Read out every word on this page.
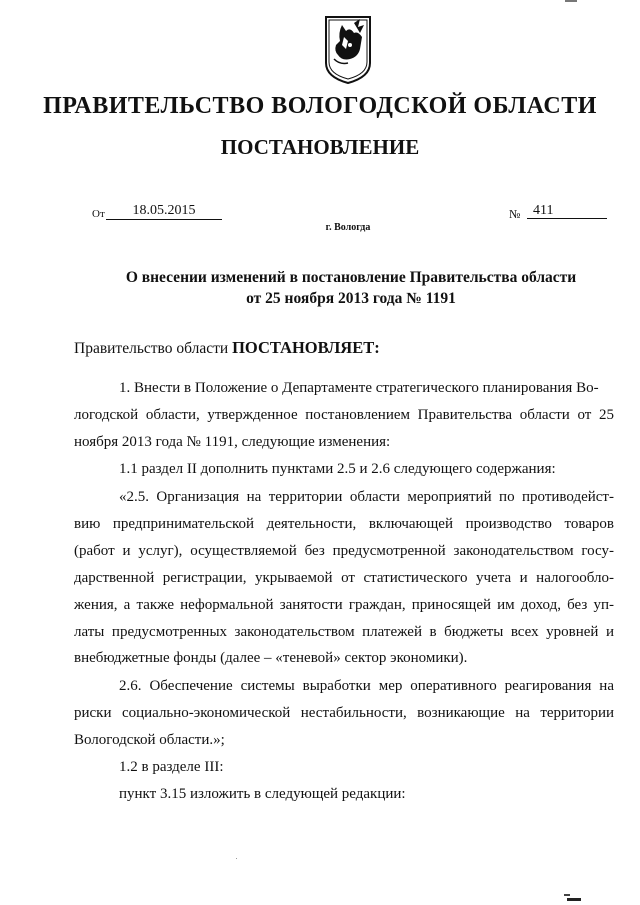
ПРАВИТЕЛЬСТВО ВОЛОГОДСКОЙ ОБЛАСТИ
ПОСТАНОВЛЕНИЕ
От	18.05.2015	№ 411
г. Вологда
О внесении изменений в постановление Правительства области
от 25 ноября 2013 года № 1191
Правительство области ПОСТАНОВЛЯЕТ:
1. Внести в Положение о Департаменте стратегического планирования Во-
логодской области, утвержденное постановлением Правительства области от 25
ноября 2013 года № 1191, следующие изменения:
1.1 раздел II дополнить пунктами 2.5 и 2.6 следующего содержания:
«2.5. Организация на территории области мероприятий по противодейст-
вию предпринимательской деятельности, включающей производство товаров
(работ и услуг), осуществляемой без предусмотренной законодательством госу-
дарственной регистрации, укрываемой от статистического учета и налогообло-
жения, а также неформальной занятости граждан, приносящей им доход, без уп-
латы предусмотренных законодательством платежей в бюджеты всех уровней и
внебюджетные фонды (далее – «теневой» сектор экономики).
2.6. Обеспечение системы выработки мер оперативного реагирования на
риски социально-экономической нестабильности, возникающие на территории
Вологодской области.»;
1.2 в разделе III:
пункт 3.15 изложить в следующей редакции:
